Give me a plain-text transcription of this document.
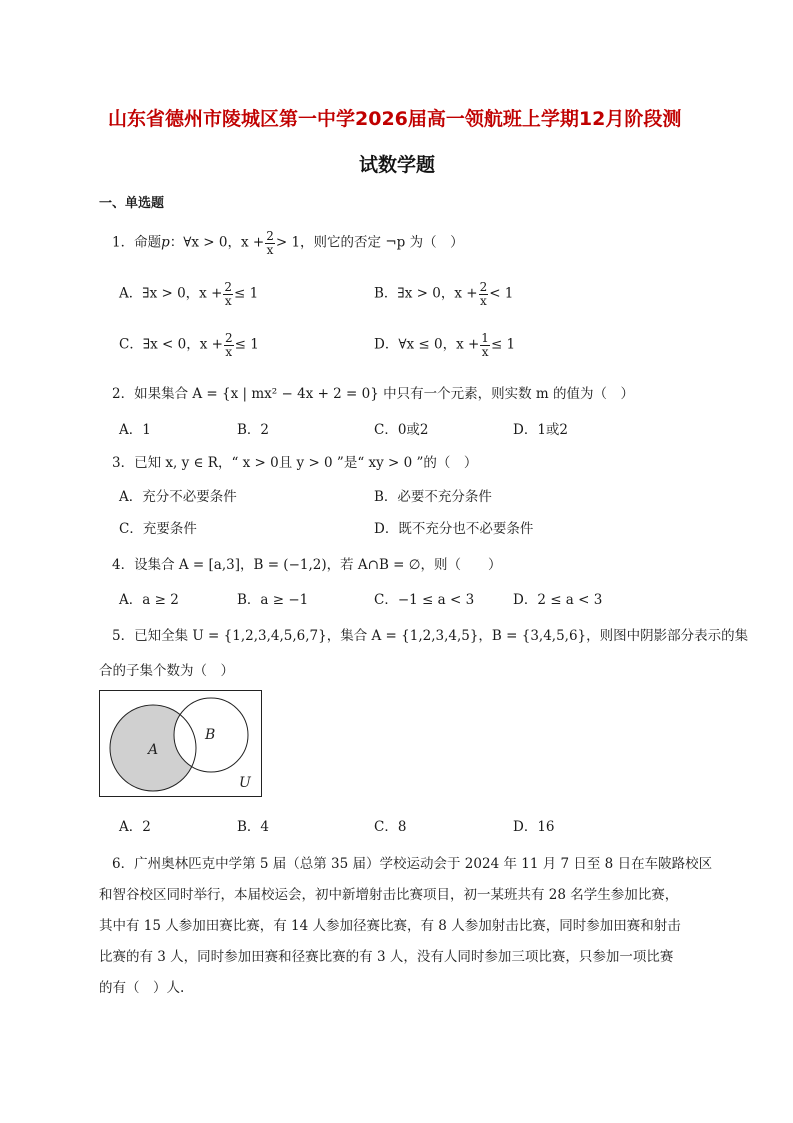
山东省德州市陵城区第一中学2026届高一领航班上学期12月阶段测
试数学题
一、单选题
1．命题p：∀x > 0，$x + \frac{2}{x} > 1$，则它的否定 ¬p 为（　）
A．∃x > 0，$x + \frac{2}{x} \le 1$	B．∃x > 0，$x + \frac{2}{x} < 1$
C．∃x < 0，$x + \frac{2}{x} \le 1$	D．∀x ≤ 0，$x + \frac{1}{x} \le 1$
2．如果集合 A = {x | mx² − 4x + 2 = 0} 中只有一个元素，则实数 m 的值为（　）
A．1	B．2	C．0或2	D．1或2
3．已知 x, y ∈ R，“ x > 0且 y > 0 ”是“ xy > 0 ”的（　）
A．充分不必要条件	B．必要不充分条件
C．充要条件	D．既不充分也不必要条件
4．设集合 A = [a,3]，B = (−1,2)，若 A∩B = ∅，则（　　）
A．a ≥ 2	B．a ≥ −1	C．−1 ≤ a < 3	D．2 ≤ a < 3
5．已知全集 U = {1,2,3,4,5,6,7}，集合 A = {1,2,3,4,5}，B = {3,4,5,6}，则图中阴影部分表示的集
合的子集个数为（　）
A
B
U
A．2	B．4	C．8	D．16
6．广州奥林匹克中学第 5 届（总第 35 届）学校运动会于 2024 年 11 月 7 日至 8 日在车陂路校区
和智谷校区同时举行，本届校运会，初中新增射击比赛项目，初一某班共有 28 名学生参加比赛，
其中有 15 人参加田赛比赛，有 14 人参加径赛比赛，有 8 人参加射击比赛，同时参加田赛和射击
比赛的有 3 人，同时参加田赛和径赛比赛的有 3 人，没有人同时参加三项比赛，只参加一项比赛
的有（　）人.
